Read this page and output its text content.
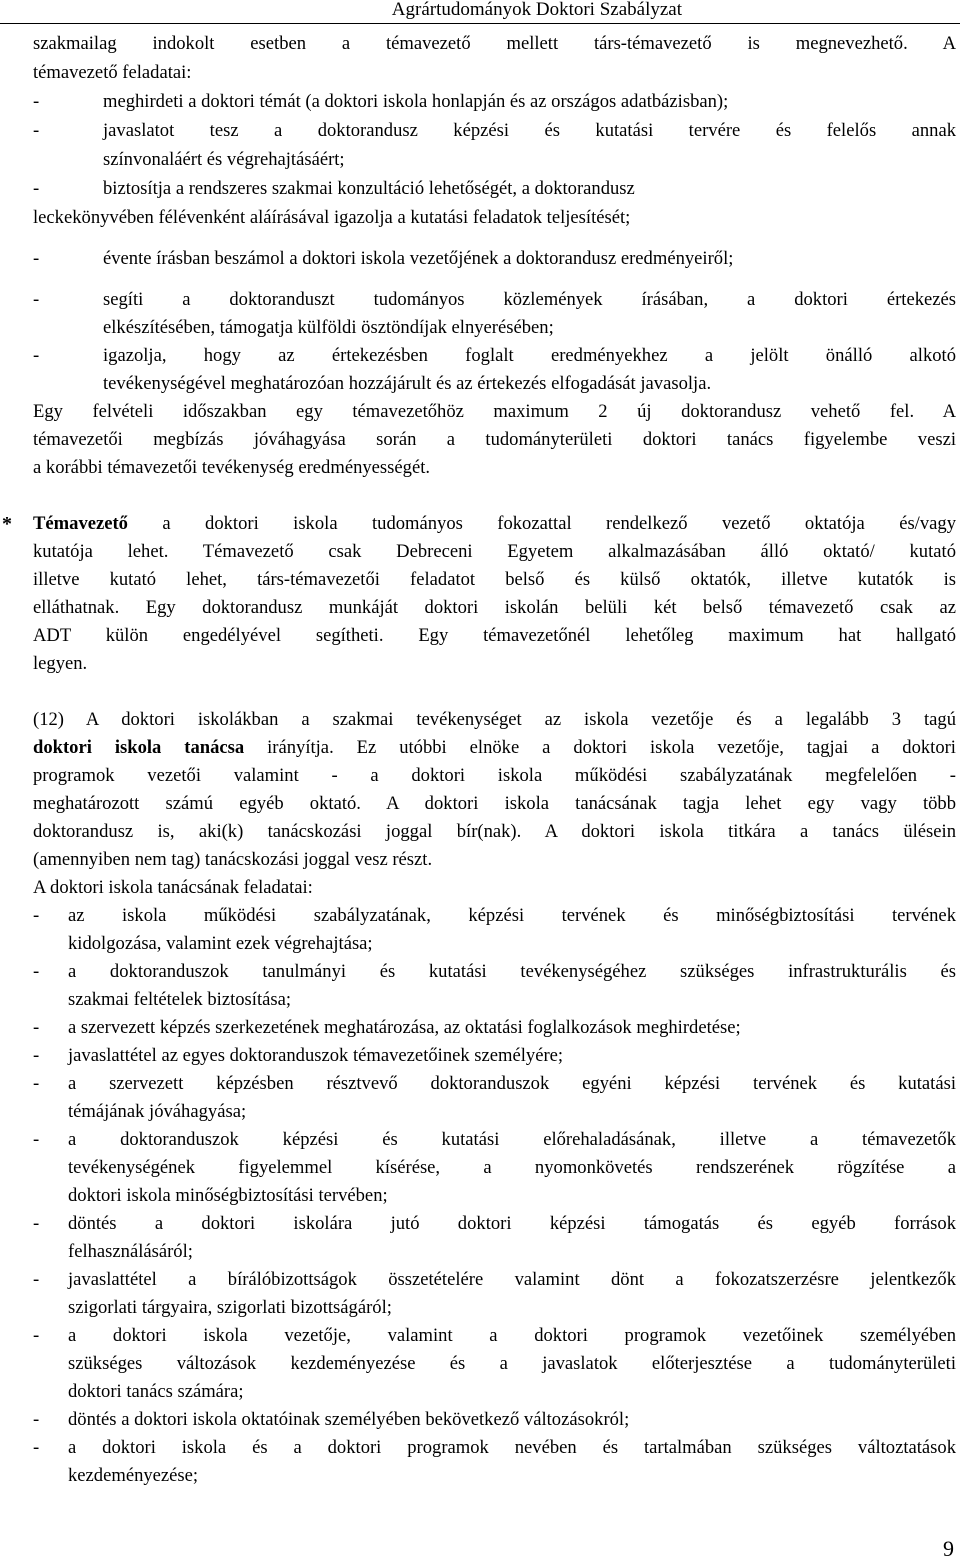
Agrártudományok Doktori Szabályzat
szakmailag indokolt esetben a témavezető mellett társ-témavezető is megnevezhető. A
témavezető feladatai:
-	meghirdeti a doktori témát (a doktori iskola honlapján és az országos adatbázisban);
-	javaslatot tesz a doktorandusz képzési és kutatási tervére és felelős annak
színvonaláért és végrehajtásáért;
-	biztosítja a rendszeres szakmai konzultáció lehetőségét, a doktorandusz
leckekönyvében félévenként aláírásával igazolja a kutatási feladatok teljesítését;
-	évente írásban beszámol a doktori iskola vezetőjének a doktorandusz eredményeiről;
-	segíti a doktoranduszt tudományos közlemények írásában, a doktori értekezés
elkészítésében, támogatja külföldi ösztöndíjak elnyerésében;
-	igazolja, hogy az értekezésben foglalt eredményekhez a jelölt önálló alkotó
tevékenységével meghatározóan hozzájárult és az értekezés elfogadását javasolja.
Egy felvételi időszakban egy témavezetőhöz maximum 2 új doktorandusz vehető fel. A
témavezetői megbízás jóváhagyása során a tudományterületi doktori tanács figyelembe veszi
a korábbi témavezetői tevékenység eredményességét.
* Témavezető a doktori iskola tudományos fokozattal rendelkező vezető oktatója és/vagy
kutatója lehet. Témavezető csak Debreceni Egyetem alkalmazásában álló oktató/ kutató
illetve kutató lehet, társ-témavezetői feladatot belső és külső oktatók, illetve kutatók is
elláthatnak. Egy doktorandusz munkáját doktori iskolán belüli két belső témavezető csak az
ADT külön engedélyével segítheti. Egy témavezetőnél lehetőleg maximum hat hallgató
legyen.
(12) A doktori iskolákban a szakmai tevékenységet az iskola vezetője és a legalább 3 tagú
doktori iskola tanácsa irányítja. Ez utóbbi elnöke a doktori iskola vezetője, tagjai a doktori
programok vezetői valamint - a doktori iskola működési szabályzatának megfelelően -
meghatározott számú egyéb oktató. A doktori iskola tanácsának tagja lehet egy vagy több
doktorandusz is, aki(k) tanácskozási joggal bír(nak). A doktori iskola titkára a tanács ülésein
(amennyiben nem tag) tanácskozási joggal vesz részt.
A doktori iskola tanácsának feladatai:
- az iskola működési szabályzatának, képzési tervének és minőségbiztosítási tervének
kidolgozása, valamint ezek végrehajtása;
- a doktoranduszok tanulmányi és kutatási tevékenységéhez szükséges infrastrukturális és
szakmai feltételek biztosítása;
- a szervezett képzés szerkezetének meghatározása, az oktatási foglalkozások meghirdetése;
- javaslattétel az egyes doktoranduszok témavezetőinek személyére;
- a szervezett képzésben résztvevő doktoranduszok egyéni képzési tervének és kutatási
témájának jóváhagyása;
- a doktoranduszok képzési és kutatási előrehaladásának, illetve a témavezetők
tevékenységének figyelemmel kísérése, a nyomonkövetés rendszerének rögzítése a
doktori iskola minőségbiztosítási tervében;
- döntés a doktori iskolára jutó doktori képzési támogatás és egyéb források
felhasználásáról;
- javaslattétel a bírálóbizottságok összetételére valamint dönt a fokozatszerzésre jelentkezők
szigorlati tárgyaira, szigorlati bizottságáról;
- a doktori iskola vezetője, valamint a doktori programok vezetőinek személyében
szükséges változások kezdeményezése és a javaslatok előterjesztése a tudományterületi
doktori tanács számára;
- döntés a doktori iskola oktatóinak személyében bekövetkező változásokról;
- a doktori iskola és a doktori programok nevében és tartalmában szükséges változtatások
kezdeményezése;
9
